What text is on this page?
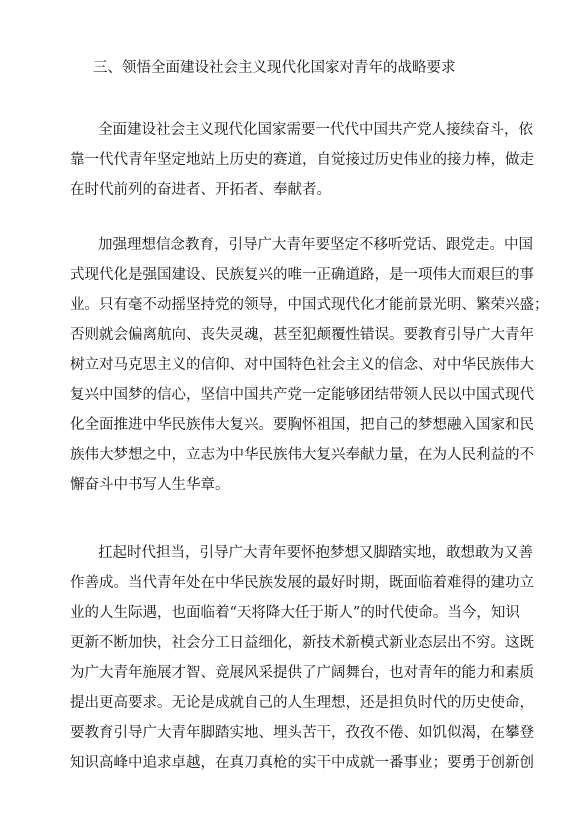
三、领悟全面建设社会主义现代化国家对青年的战略要求
全面建设社会主义现代化国家需要一代代中国共产党人接续奋斗，依
靠一代代青年坚定地站上历史的赛道，自觉接过历史伟业的接力棒，做走
在时代前列的奋进者、开拓者、奉献者。
加强理想信念教育，引导广大青年要坚定不移听党话、跟党走。中国
式现代化是强国建设、民族复兴的唯一正确道路，是一项伟大而艰巨的事
业。只有毫不动摇坚持党的领导，中国式现代化才能前景光明、繁荣兴盛；
否则就会偏离航向、丧失灵魂，甚至犯颠覆性错误。要教育引导广大青年
树立对马克思主义的信仰、对中国特色社会主义的信念、对中华民族伟大
复兴中国梦的信心，坚信中国共产党一定能够团结带领人民以中国式现代
化全面推进中华民族伟大复兴。要胸怀祖国，把自己的梦想融入国家和民
族伟大梦想之中，立志为中华民族伟大复兴奉献力量，在为人民利益的不
懈奋斗中书写人生华章。
扛起时代担当，引导广大青年要怀抱梦想又脚踏实地，敢想敢为又善
作善成。当代青年处在中华民族发展的最好时期，既面临着难得的建功立
业的人生际遇，也面临着“天将降大任于斯人”的时代使命。当今，知识
更新不断加快，社会分工日益细化，新技术新模式新业态层出不穷。这既
为广大青年施展才智、竞展风采提供了广阔舞台，也对青年的能力和素质
提出更高要求。无论是成就自己的人生理想，还是担负时代的历史使命，
要教育引导广大青年脚踏实地、埋头苦干，孜孜不倦、如饥似渴，在攀登
知识高峰中追求卓越，在真刀真枪的实干中成就一番事业；要勇于创新创
